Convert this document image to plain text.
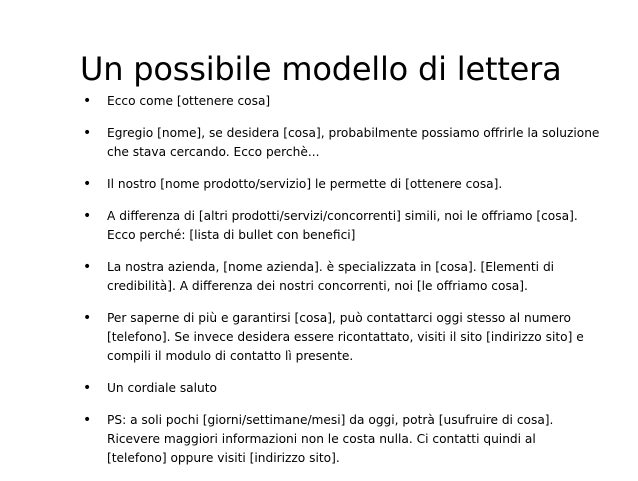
Un possibile modello di lettera
• Ecco come [ottenere cosa]
• Egregio [nome], se desidera [cosa], probabilmente possiamo offrirle la soluzione
che stava cercando. Ecco perchè...
• Il nostro [nome prodotto/servizio] le permette di [ottenere cosa].
• A differenza di [altri prodotti/servizi/concorrenti] simili, noi le offriamo [cosa].
Ecco perché: [lista di bullet con benefici]
• La nostra azienda, [nome azienda]. è specializzata in [cosa]. [Elementi di
credibilità]. A differenza dei nostri concorrenti, noi [le offriamo cosa].
• Per saperne di più e garantirsi [cosa], può contattarci oggi stesso al numero
[telefono]. Se invece desidera essere ricontattato, visiti il sito [indirizzo sito] e
compili il modulo di contatto lì presente.
• Un cordiale saluto
• PS: a soli pochi [giorni/settimane/mesi] da oggi, potrà [usufruire di cosa].
Ricevere maggiori informazioni non le costa nulla. Ci contatti quindi al
[telefono] oppure visiti [indirizzo sito].
